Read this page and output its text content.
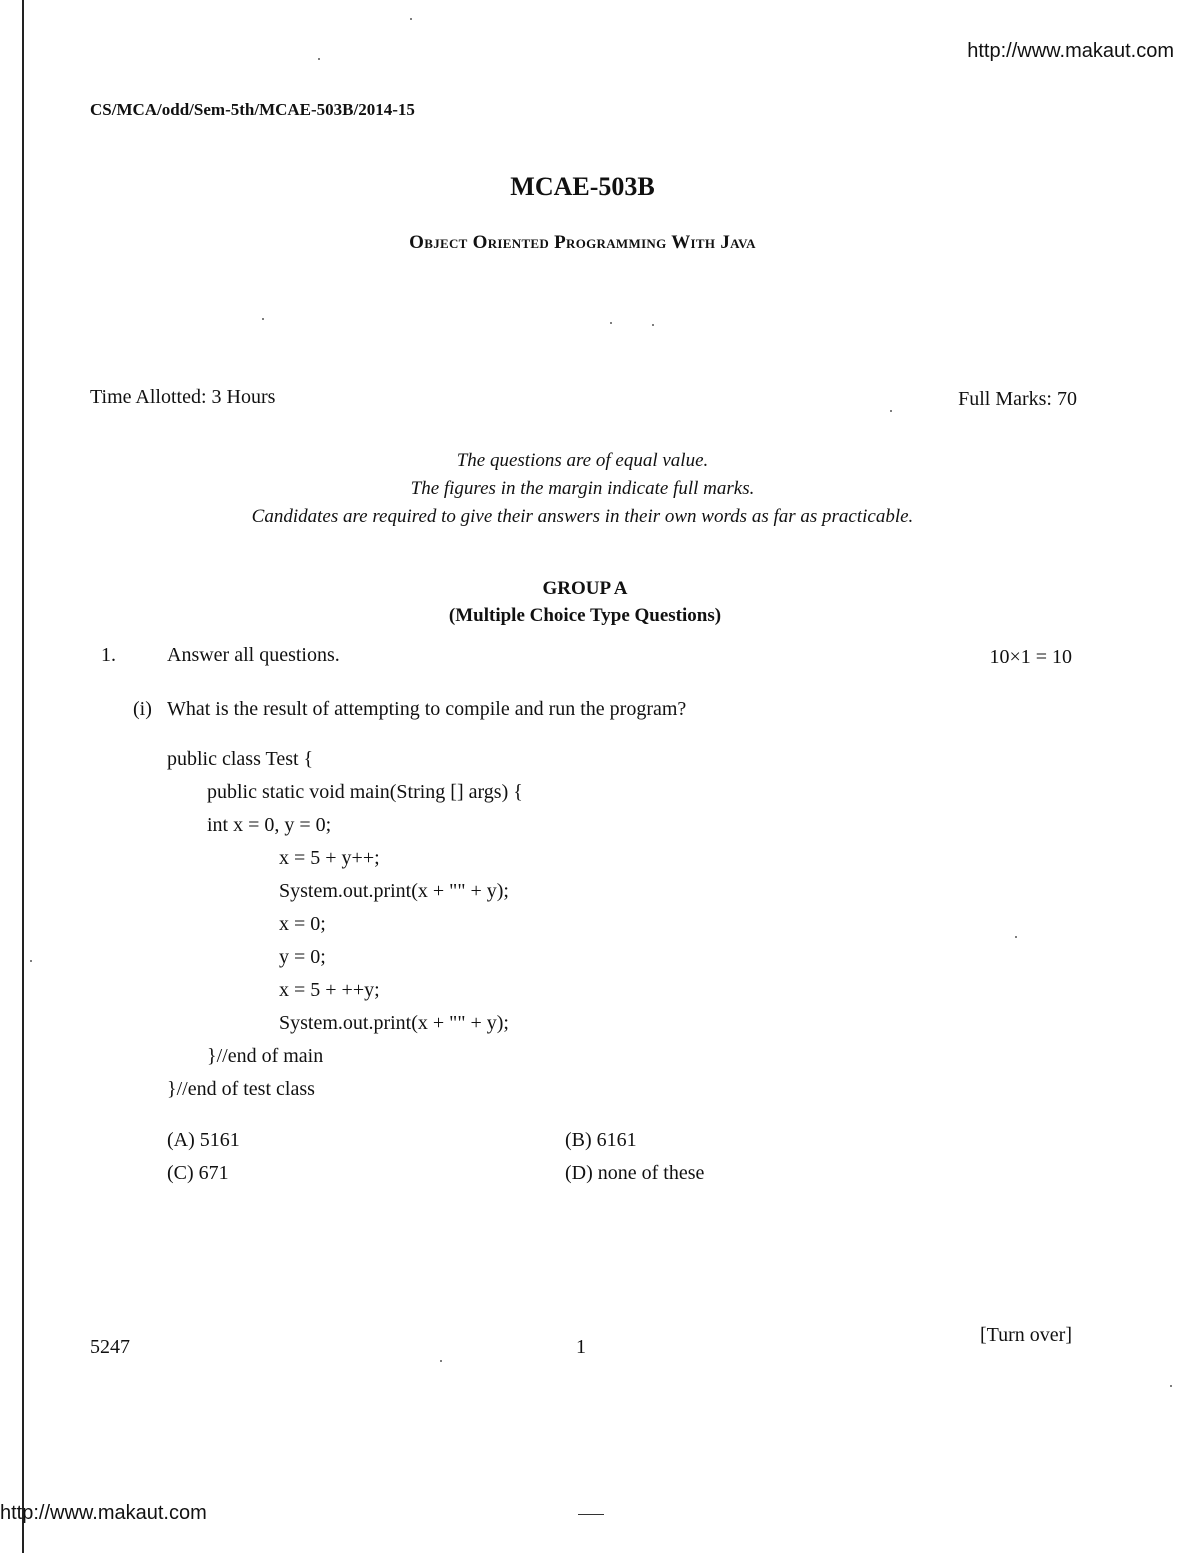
http://www.makaut.com
CS/MCA/odd/Sem-5th/MCAE-503B/2014-15
MCAE-503B
Object Oriented Programming With Java
Time Allotted: 3 Hours	Full Marks: 70
The questions are of equal value.
The figures in the margin indicate full marks.
Candidates are required to give their answers in their own words as far as practicable.
GROUP A
(Multiple Choice Type Questions)
1.	Answer all questions.	10×1 = 10
(i) What is the result of attempting to compile and run the program?
public class Test {
public static void main(String [] args) {
int x = 0, y = 0;
x = 5 + y++;
System.out.print(x + "" + y);
x = 0;
y = 0;
x = 5 + ++y;
System.out.print(x + "" + y);
}//end of main
}//end of test class
(A) 5161	(B) 6161
(C) 671	(D) none of these
5247	1
[Turn over]
http://www.makaut.com
